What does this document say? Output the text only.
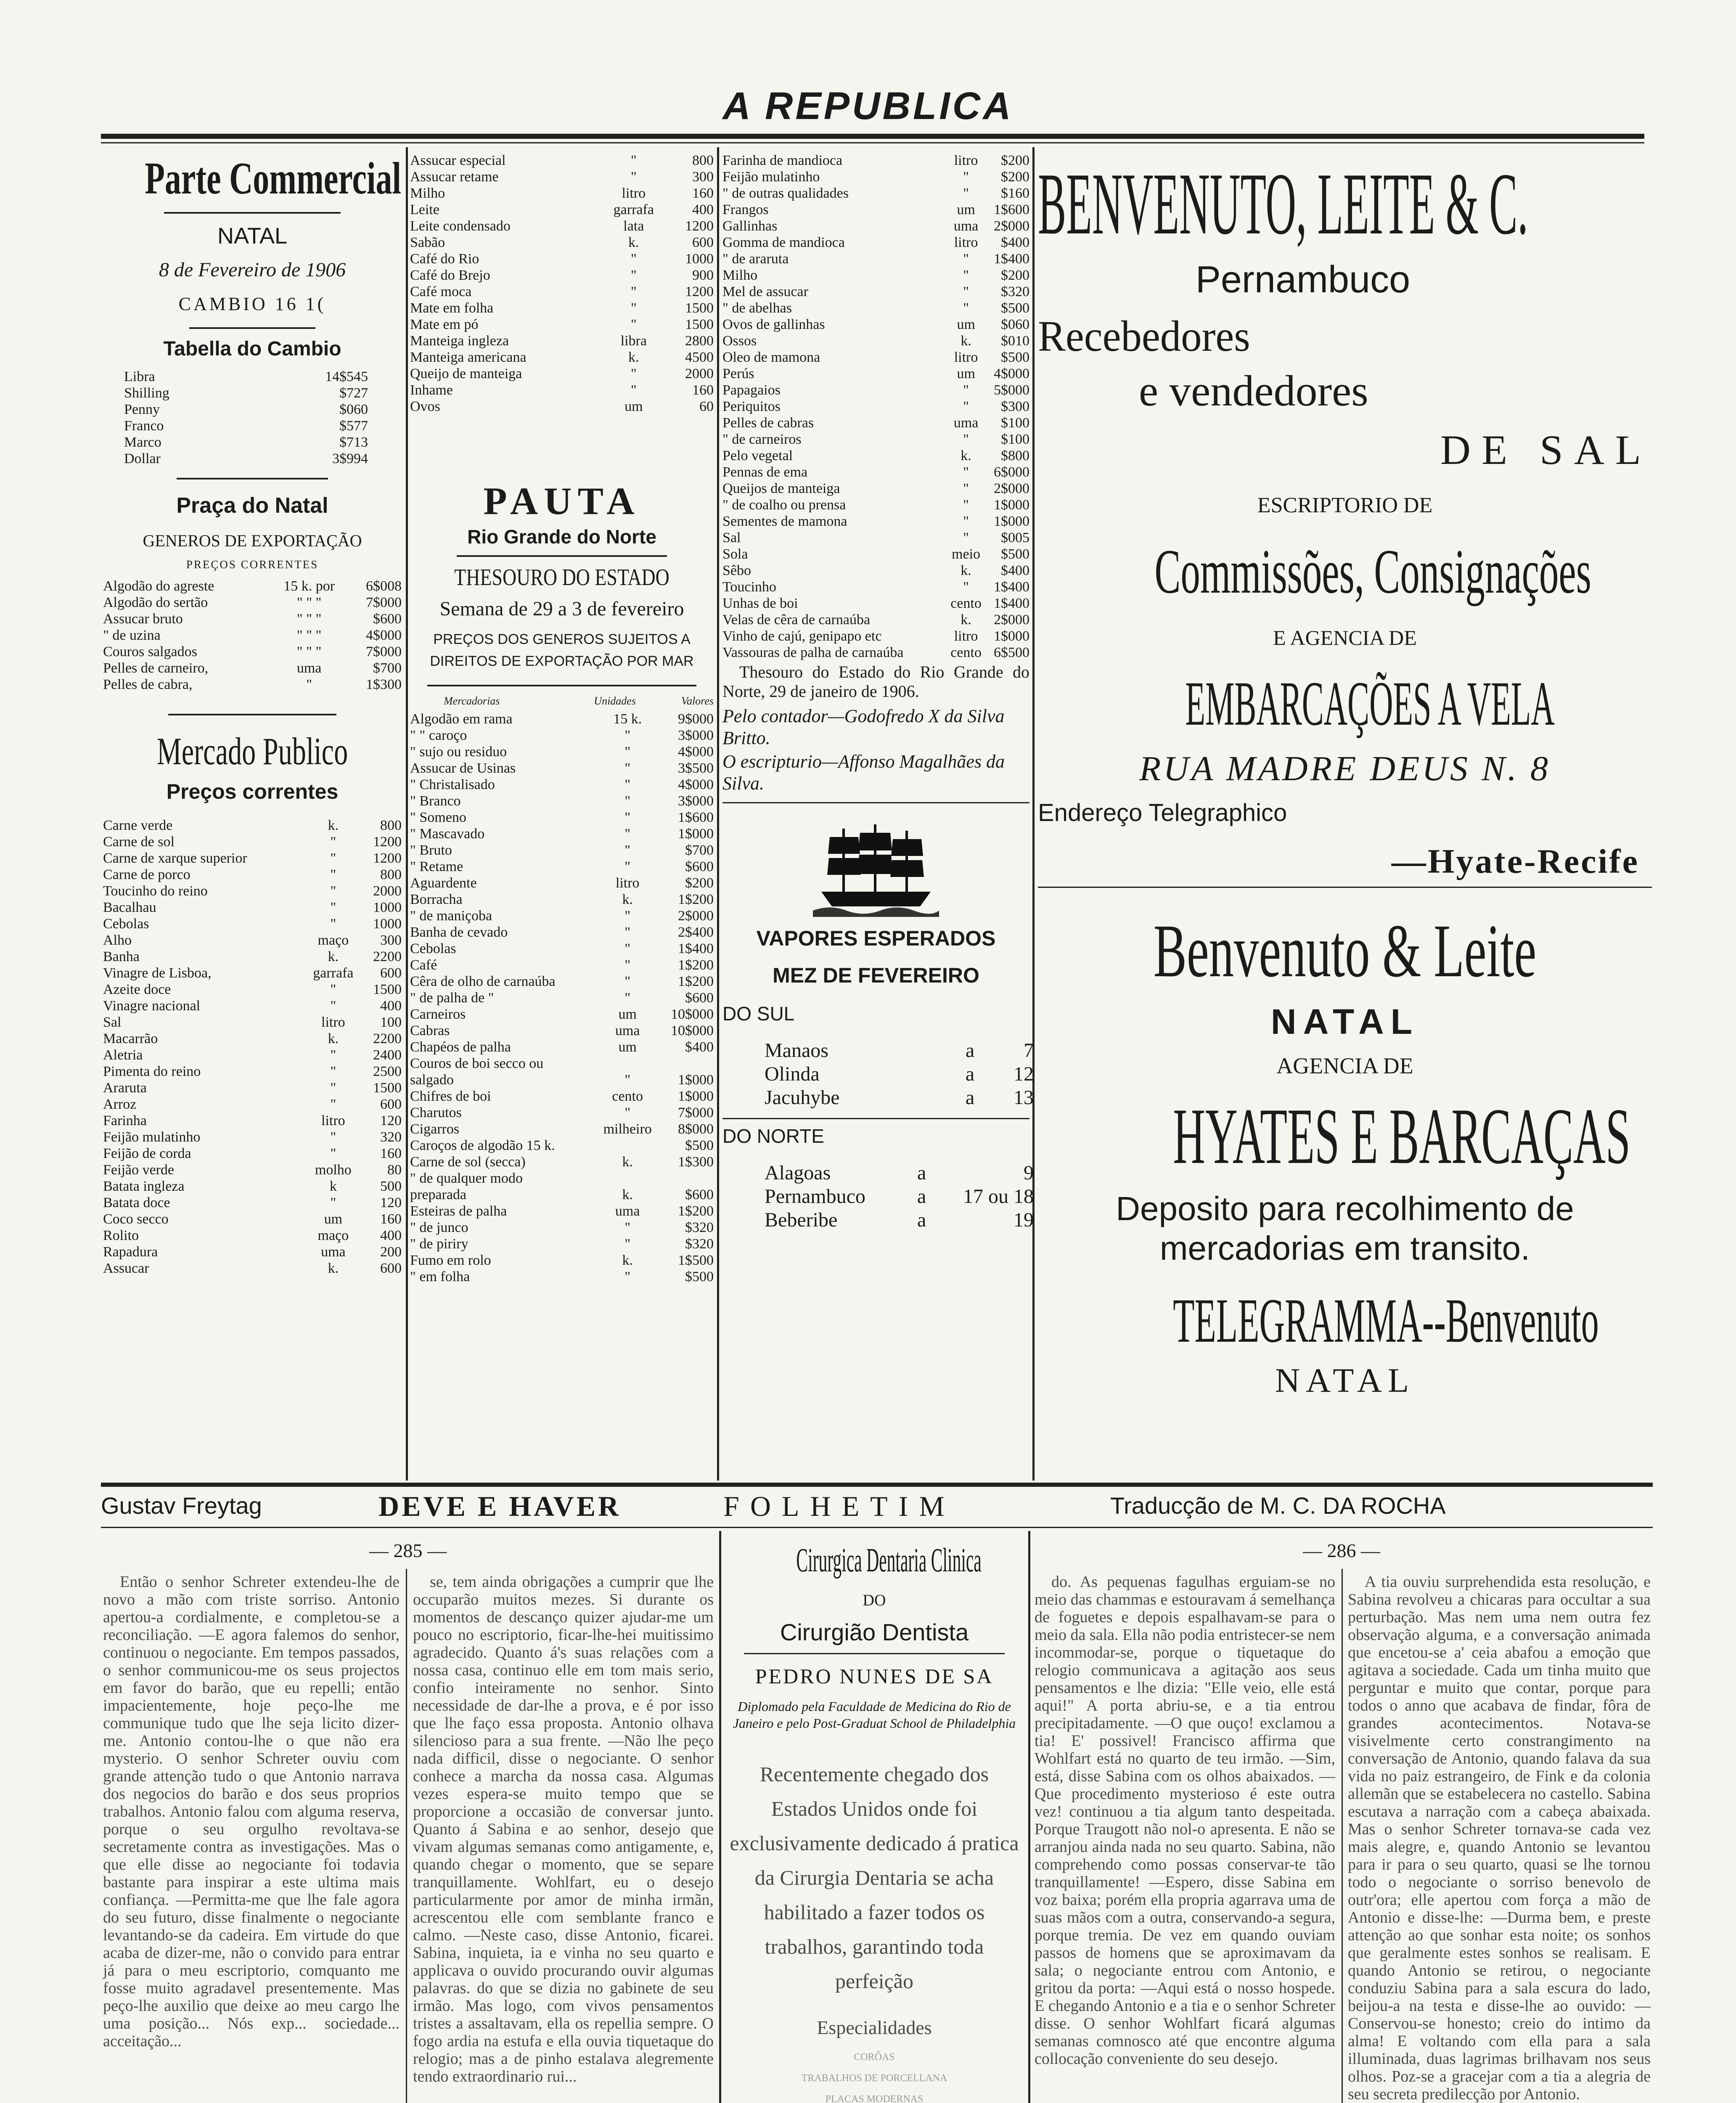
A REPUBLICA
Parte Commercial
NATAL
8 de Fevereiro de 1906
CAMBIO 16 1(
Tabella do Cambio
Libra	14$545
Shilling	$727
Penny	$060
Franco	$577
Marco	$713
Dollar	3$994
Praça do Natal
GENEROS DE EXPORTAÇÃO
PREÇOS CORRENTES
Algodão do agreste	15 k. por	6$008
Algodão do sertão	" " "	7$000
Assucar bruto	" " "	$600
" de uzina	" " "	4$000
Couros salgados	" " "	7$000
Pelles de carneiro,	uma	$700
Pelles de cabra,	"	1$300
Mercado Publico
Preços correntes
Carne verde	k.	800
Carne de sol	"	1200
Carne de xarque superior	"	1200
Carne de porco	"	800
Toucinho do reino	"	2000
Bacalhau	"	1000
Cebolas	"	1000
Alho	maço	300
Banha	k.	2200
Vinagre de Lisboa,	garrafa	600
Azeite doce	"	1500
Vinagre nacional	"	400
Sal	litro	100
Macarrão	k.	2200
Aletria	"	2400
Pimenta do reino	"	2500
Araruta	"	1500
Arroz	"	600
Farinha	litro	120
Feijão mulatinho	"	320
Feijão de corda	"	160
Feijão verde	molho	80
Batata ingleza	k	500
Batata doce	"	120
Coco secco	um	160
Rolito	maço	400
Rapadura	uma	200
Assucar	k.	600
Assucar especial	"	800
Assucar retame	"	300
Milho	litro	160
Leite	garrafa	400
Leite condensado	lata	1200
Sabão	k.	600
Café do Rio	"	1000
Café do Brejo	"	900
Café moca	"	1200
Mate em folha	"	1500
Mate em pó	"	1500
Manteiga ingleza	libra	2800
Manteiga americana	k.	4500
Queijo de manteiga	"	2000
Inhame	"	160
Ovos	um	60
PAUTA
Rio Grande do Norte
THESOURO DO ESTADO
Semana de 29 a 3 de fevereiro
PREÇOS DOS GENEROS SUJEITOS A DIREITOS DE EXPORTAÇÃO POR MAR
Mercadorias	Unidades	Valores
Algodão em rama	15 k.	9$000
" " caroço	"	3$000
" sujo ou residuo	"	4$000
Assucar de Usinas	"	3$500
" Christalisado	"	4$000
" Branco	"	3$000
" Someno	"	1$600
" Mascavado	"	1$000
" Bruto	"	$700
" Retame	"	$600
Aguardente	litro	$200
Borracha	k.	1$200
" de maniçoba	"	2$000
Banha de cevado	"	2$400
Cebolas	"	1$400
Café	"	1$200
Cêra de olho de carnaúba	"	1$200
" de palha de "	"	$600
Carneiros	um	10$000
Cabras	uma	10$000
Chapéos de palha	um	$400
Couros de boi secco ou		
salgado	"	1$000
Chifres de boi	cento	1$000
Charutos	"	7$000
Cigarros	milheiro	8$000
Caroços de algodão 15 k.		$500
Carne de sol (secca)	k.	1$300
" de qualquer modo		
preparada	k.	$600
Esteiras de palha	uma	1$200
" de junco	"	$320
" de piriry	"	$320
Fumo em rolo	k.	1$500
" em folha	"	$500
Farinha de mandioca	litro	$200
Feijão mulatinho	"	$200
" de outras qualidades	"	$160
Frangos	um	1$600
Gallinhas	uma	2$000
Gomma de mandioca	litro	$400
" de araruta	"	1$400
Milho	"	$200
Mel de assucar	"	$320
" de abelhas	"	$500
Ovos de gallinhas	um	$060
Ossos	k.	$010
Oleo de mamona	litro	$500
Perús	um	4$000
Papagaios	"	5$000
Periquitos	"	$300
Pelles de cabras	uma	$100
" de carneiros	"	$100
Pelo vegetal	k.	$800
Pennas de ema	"	6$000
Queijos de manteiga	"	2$000
" de coalho ou prensa	"	1$000
Sementes de mamona	"	1$000
Sal	"	$005
Sola	meio	$500
Sêbo	k.	$400
Toucinho	"	1$400
Unhas de boi	cento	1$400
Velas de cêra de carnaúba	k.	2$000
Vinho de cajú, genipapo etc	litro	1$000
Vassouras de palha de carnaúba	cento	6$500

Thesouro do Estado do Rio Grande do Norte, 29 de janeiro de 1906.

Pelo contador—Godofredo X da Silva Britto.

O escripturio—Affonso Magalhães da Silva.

VAPORES ESPERADOS
MEZ DE FEVEREIRO
DO SUL
Manaos	a	7
Olinda	a	12
Jacuhybe	a	13
DO NORTE
Alagoas	a	9
Pernambuco	a	17 ou 18
Beberibe	a	19
BENVENUTO, LEITE & C.
Pernambuco
Recebedores
e vendedores
DE SAL
ESCRIPTORIO DE
Commissões, Consignações
E AGENCIA DE
EMBARCAÇÕES A VELA
RUA MADRE DEUS N. 8
Endereço Telegraphico
—Hyate-Recife
Benvenuto & Leite
NATAL
AGENCIA DE
HYATES E BARCAÇAS
Deposito para recolhimento de mercadorias em transito.
TELEGRAMMA--Benvenuto
NATAL
Gustav Freytag	DEVE E HAVER	FOLHETIM	Traducção de M. C. DA ROCHA
— 285 —	— 286 —
Então o senhor Schreter extendeu-lhe de novo a mão com triste sorriso. Antonio apertou-a cordialmente, e completou-se a reconciliação. —E agora falemos do senhor, continuou o negociante. Em tempos passados, o senhor communicou-me os seus projectos em favor do barão, que eu repelli; então impacientemente, hoje peço-lhe me communique tudo que lhe seja licito dizer-me. Antonio contou-lhe o que não era mysterio. O senhor Schreter ouviu com grande attenção tudo o que Antonio narrava dos negocios do barão e dos seus proprios trabalhos. Antonio falou com alguma reserva, porque o seu orgulho revoltava-se secretamente contra as investigações. Mas o que elle disse ao negociante foi todavia bastante para inspirar a este ultima mais confiança. —Permitta-me que lhe fale agora do seu futuro, disse finalmente o negociante levantando-se da cadeira. Em virtude do que acaba de dizer-me, não o convido para entrar já para o meu escriptorio, comquanto me fosse muito agradavel presentemente. Mas peço-lhe auxilio que deixe ao meu cargo lhe uma posição... Nós exp... sociedade... acceitação...
se, tem ainda obrigações a cumprir que lhe occuparão muitos mezes. Si durante os momentos de descanço quizer ajudar-me um pouco no escriptorio, ficar-lhe-hei muitissimo agradecido. Quanto á's suas relações com a nossa casa, continuo elle em tom mais serio, confio inteiramente no senhor. Sinto necessidade de dar-lhe a prova, e é por isso que lhe faço essa proposta. Antonio olhava silencioso para a sua frente. —Não lhe peço nada difficil, disse o negociante. O senhor conhece a marcha da nossa casa. Algumas vezes espera-se muito tempo que se proporcione a occasião de conversar junto. Quanto á Sabina e ao senhor, desejo que vivam algumas semanas como antigamente, e, quando chegar o momento, que se separe tranquillamente. Wohlfart, eu o desejo particularmente por amor de minha irmãn, acrescentou elle com semblante franco e calmo. —Neste caso, disse Antonio, ficarei. Sabina, inquieta, ia e vinha no seu quarto e applicava o ouvido procurando ouvir algumas palavras. do que se dizia no gabinete de seu irmão. Mas logo, com vivos pensamentos tristes a assaltavam, ella os repellia sempre. O fogo ardia na estufa e ella ouvia tiquetaque do relogio; mas a de pinho estalava alegremente tendo extraordinario rui...
do. As pequenas fagulhas erguiam-se no meio das chammas e estouravam á semelhança de foguetes e depois espalhavam-se para o meio da sala. Ella não podia entristecer-se nem incommodar-se, porque o tiquetaque do relogio communicava a agitação aos seus pensamentos e lhe dizia: "Elle veio, elle está aqui!" A porta abriu-se, e a tia entrou precipitadamente. —O que ouço! exclamou a tia! E' possivel! Francisco affirma que Wohlfart está no quarto de teu irmão. —Sim, está, disse Sabina com os olhos abaixados. —Que procedimento mysterioso é este outra vez! continuou a tia algum tanto despeitada. Porque Traugott não nol-o apresenta. E não se arranjou ainda nada no seu quarto. Sabina, não comprehendo como possas conservar-te tão tranquillamente! —Espero, disse Sabina em voz baixa; porém ella propria agarrava uma de suas mãos com a outra, conservando-a segura, porque tremia. De vez em quando ouviam passos de homens que se aproximavam da sala; o negociante entrou com Antonio, e gritou da porta: —Aqui está o nosso hospede. E chegando Antonio e a tia e o senhor Schreter disse. O senhor Wohlfart ficará algumas semanas comnosco até que encontre alguma collocação conveniente do seu desejo.
A tia ouviu surprehendida esta resolução, e Sabina revolveu a chicaras para occultar a sua perturbação. Mas nem uma nem outra fez observação alguma, e a conversação animada que encetou-se a' ceia abafou a emoção que agitava a sociedade. Cada um tinha muito que perguntar e muito que contar, porque para todos o anno que acabava de findar, fôra de grandes acontecimentos. Notava-se visivelmente certo constrangimento na conversação de Antonio, quando falava da sua vida no paiz estrangeiro, de Fink e da colonia allemãn que se estabelecera no castello. Sabina escutava a narração com a cabeça abaixada. Mas o senhor Schreter tornava-se cada vez mais alegre, e, quando Antonio se levantou para ir para o seu quarto, quasi se lhe tornou todo o negociante o sorriso benevolo de outr'ora; elle apertou com força a mão de Antonio e disse-lhe: —Durma bem, e preste attenção ao que sonhar esta noite; os sonhos que geralmente estes sonhos se realisam. E quando Antonio se retirou, o negociante conduziu Sabina para a sala escura do lado, beijou-a na testa e disse-lhe ao ouvido: —Conservou-se honesto; creio do intimo da alma! E voltando com ella para a sala illuminada, duas lagrimas brilhavam nos seus olhos. Poz-se a gracejar com a tia a alegria de seu secreta predilecção por Antonio.
Cirurgica Dentaria Clinica
DO
Cirurgião Dentista
PEDRO NUNES DE SA
Diplomado pela Faculdade de Medicina do Rio de Janeiro e pelo Post-Graduat School de Philadelphia
Recentemente chegado dos Estados Unidos onde foi exclusivamente dedicado á pratica da Cirurgia Dentaria se acha habilitado a fazer todos os trabalhos, garantindo toda perfeição
Especialidades
CORÔAS
TRABALHOS DE PORCELLANA
PLACAS MODERNAS
